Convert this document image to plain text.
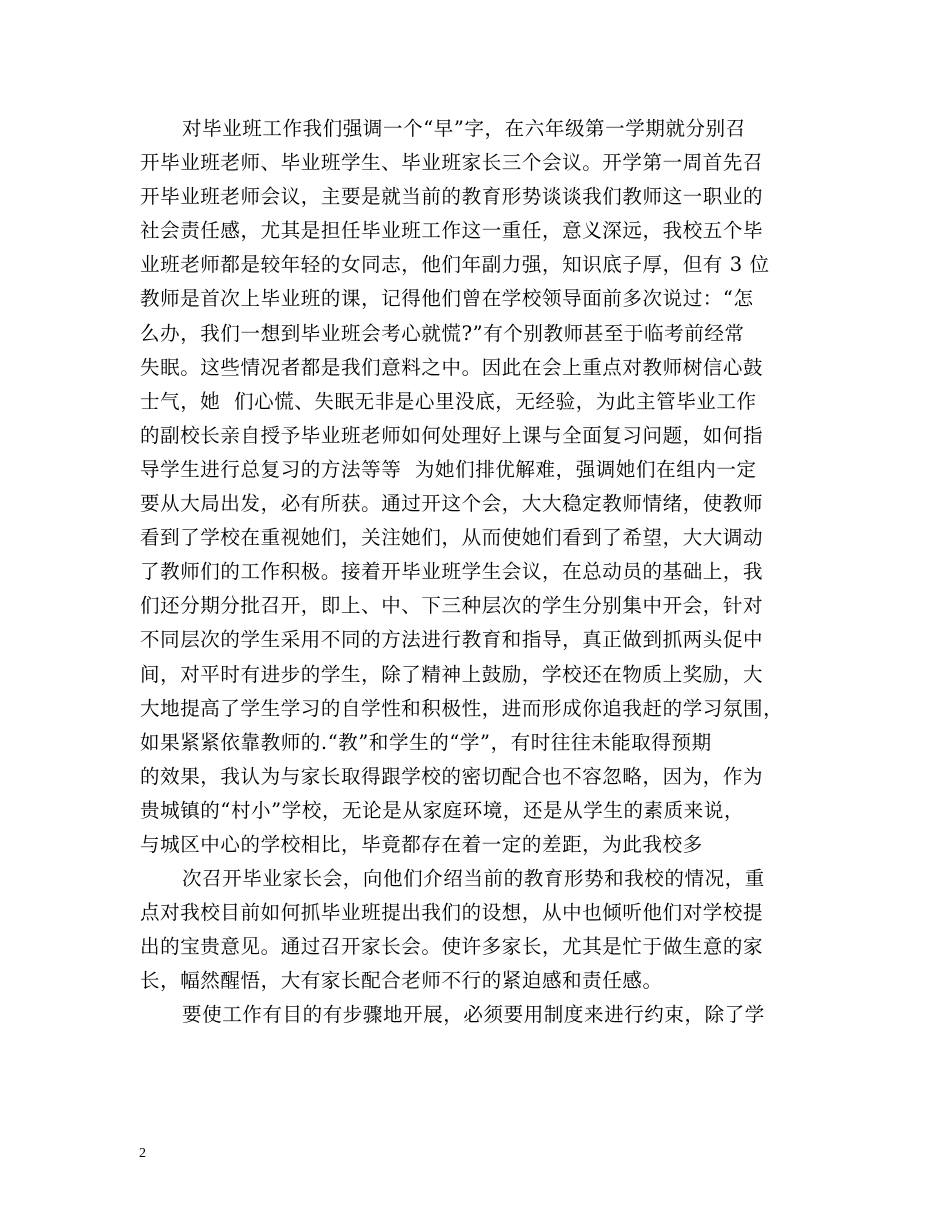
对毕业班工作我们强调一个“早”字，在六年级第一学期就分别召
开毕业班老师、毕业班学生、毕业班家长三个会议。开学第一周首先召
开毕业班老师会议，主要是就当前的教育形势谈谈我们教师这一职业的
社会责任感，尤其是担任毕业班工作这一重任，意义深远，我校五个毕
业班老师都是较年轻的女同志，他们年副力强，知识底子厚，但有 3 位
教师是首次上毕业班的课，记得他们曾在学校领导面前多次说过：“怎
么办，我们一想到毕业班会考心就慌?”有个别教师甚至于临考前经常
失眠。这些情况者都是我们意料之中。因此在会上重点对教师树信心鼓
士气，她  们心慌、失眠无非是心里没底，无经验，为此主管毕业工作
的副校长亲自授予毕业班老师如何处理好上课与全面复习问题，如何指
导学生进行总复习的方法等等  为她们排优解难，强调她们在组内一定
要从大局出发，必有所获。通过开这个会，大大稳定教师情绪，使教师
看到了学校在重视她们，关注她们，从而使她们看到了希望，大大调动
了教师们的工作积极。接着开毕业班学生会议，在总动员的基础上，我
们还分期分批召开，即上、中、下三种层次的学生分别集中开会，针对
不同层次的学生采用不同的方法进行教育和指导，真正做到抓两头促中
间，对平时有进步的学生，除了精神上鼓励，学校还在物质上奖励，大
大地提高了学生学习的自学性和积极性，进而形成你追我赶的学习氛围，
如果紧紧依靠教师的.“教”和学生的“学”，有时往往未能取得预期
的效果，我认为与家长取得跟学校的密切配合也不容忽略，因为，作为
贵城镇的“村小”学校，无论是从家庭环境，还是从学生的素质来说，
与城区中心的学校相比，毕竟都存在着一定的差距，为此我校多
次召开毕业家长会，向他们介绍当前的教育形势和我校的情况，重
点对我校目前如何抓毕业班提出我们的设想，从中也倾听他们对学校提
出的宝贵意见。通过召开家长会。使许多家长，尤其是忙于做生意的家
长，幅然醒悟，大有家长配合老师不行的紧迫感和责任感。
要使工作有目的有步骤地开展，必须要用制度来进行约束，除了学
2
